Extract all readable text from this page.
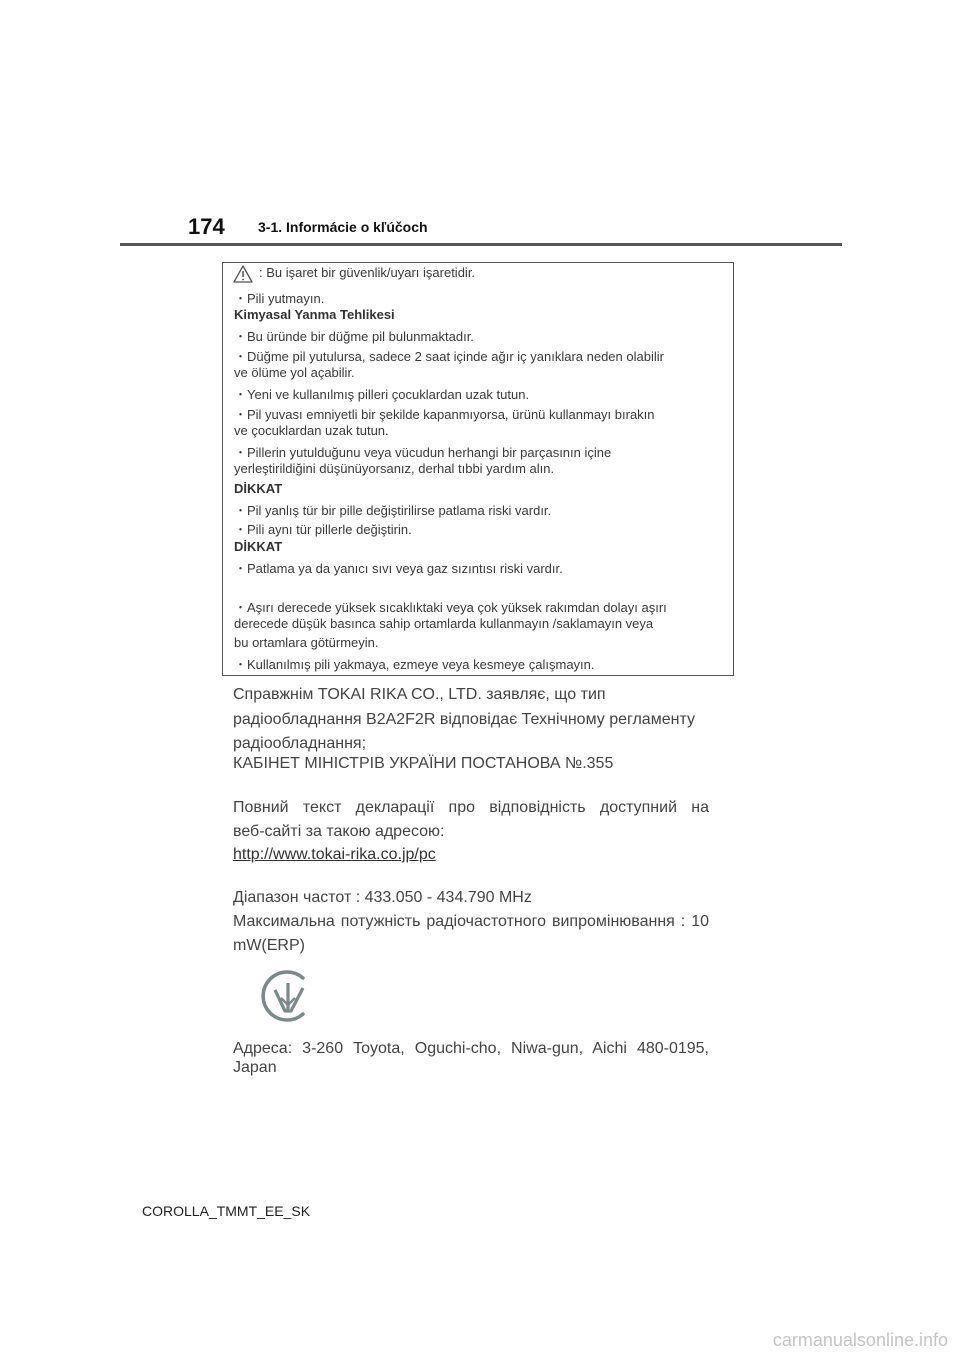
174 3-1. Informácie o kľúčoch
: Bu işaret bir güvenlik/uyarı işaretidir.
・Pili yutmayın.
Kimyasal Yanma Tehlikesi
・Bu üründe bir düğme pil bulunmaktadır.
・Düğme pil yutulursa, sadece 2 saat içinde ağır iç yanıklara neden olabilir
ve ölüme yol açabilir.
・Yeni ve kullanılmış pilleri çocuklardan uzak tutun.
・Pil yuvası emniyetli bir şekilde kapanmıyorsa, ürünü kullanmayı bırakın
ve çocuklardan uzak tutun.
・Pillerin yutulduğunu veya vücudun herhangi bir parçasının içine
yerleştirildiğini düşünüyorsanız, derhal tıbbi yardım alın.
DİKKAT
・Pil yanlış tür bir pille değiştirilirse patlama riski vardır.
・Pili aynı tür pillerle değiştirin.
DİKKAT
・Patlama ya da yanıcı sıvı veya gaz sızıntısı riski vardır.
・Aşırı derecede yüksek sıcaklıktaki veya çok yüksek rakımdan dolayı aşırı
derecede düşük basınca sahip ortamlarda kullanmayın /saklamayın veya
bu ortamlara götürmeyin.
・Kullanılmış pili yakmaya, ezmeye veya kesmeye çalışmayın.
Справжнім TOKAI RIKA CO., LTD. заявляє, що тип
радіообладнання B2A2F2R відповідає Технічному регламенту
радіообладнання;
КАБІНЕТ МІНІСТРІВ УКРАЇНИ ПОСТАНОВА №.355
Повний текст декларації про відповідність доступний на
веб-сайті за такою адресою:
http://www.tokai-rika.co.jp/pc
Діапазон частот : 433.050 - 434.790 MHz
Максимальна потужність радіочастотного випромінювання : 10
mW(ERP)
Адреса: 3-260 Toyota, Oguchi-cho, Niwa-gun, Aichi 480-0195,
Japan
COROLLA_TMMT_EE_SK
carmanualsonline.info
